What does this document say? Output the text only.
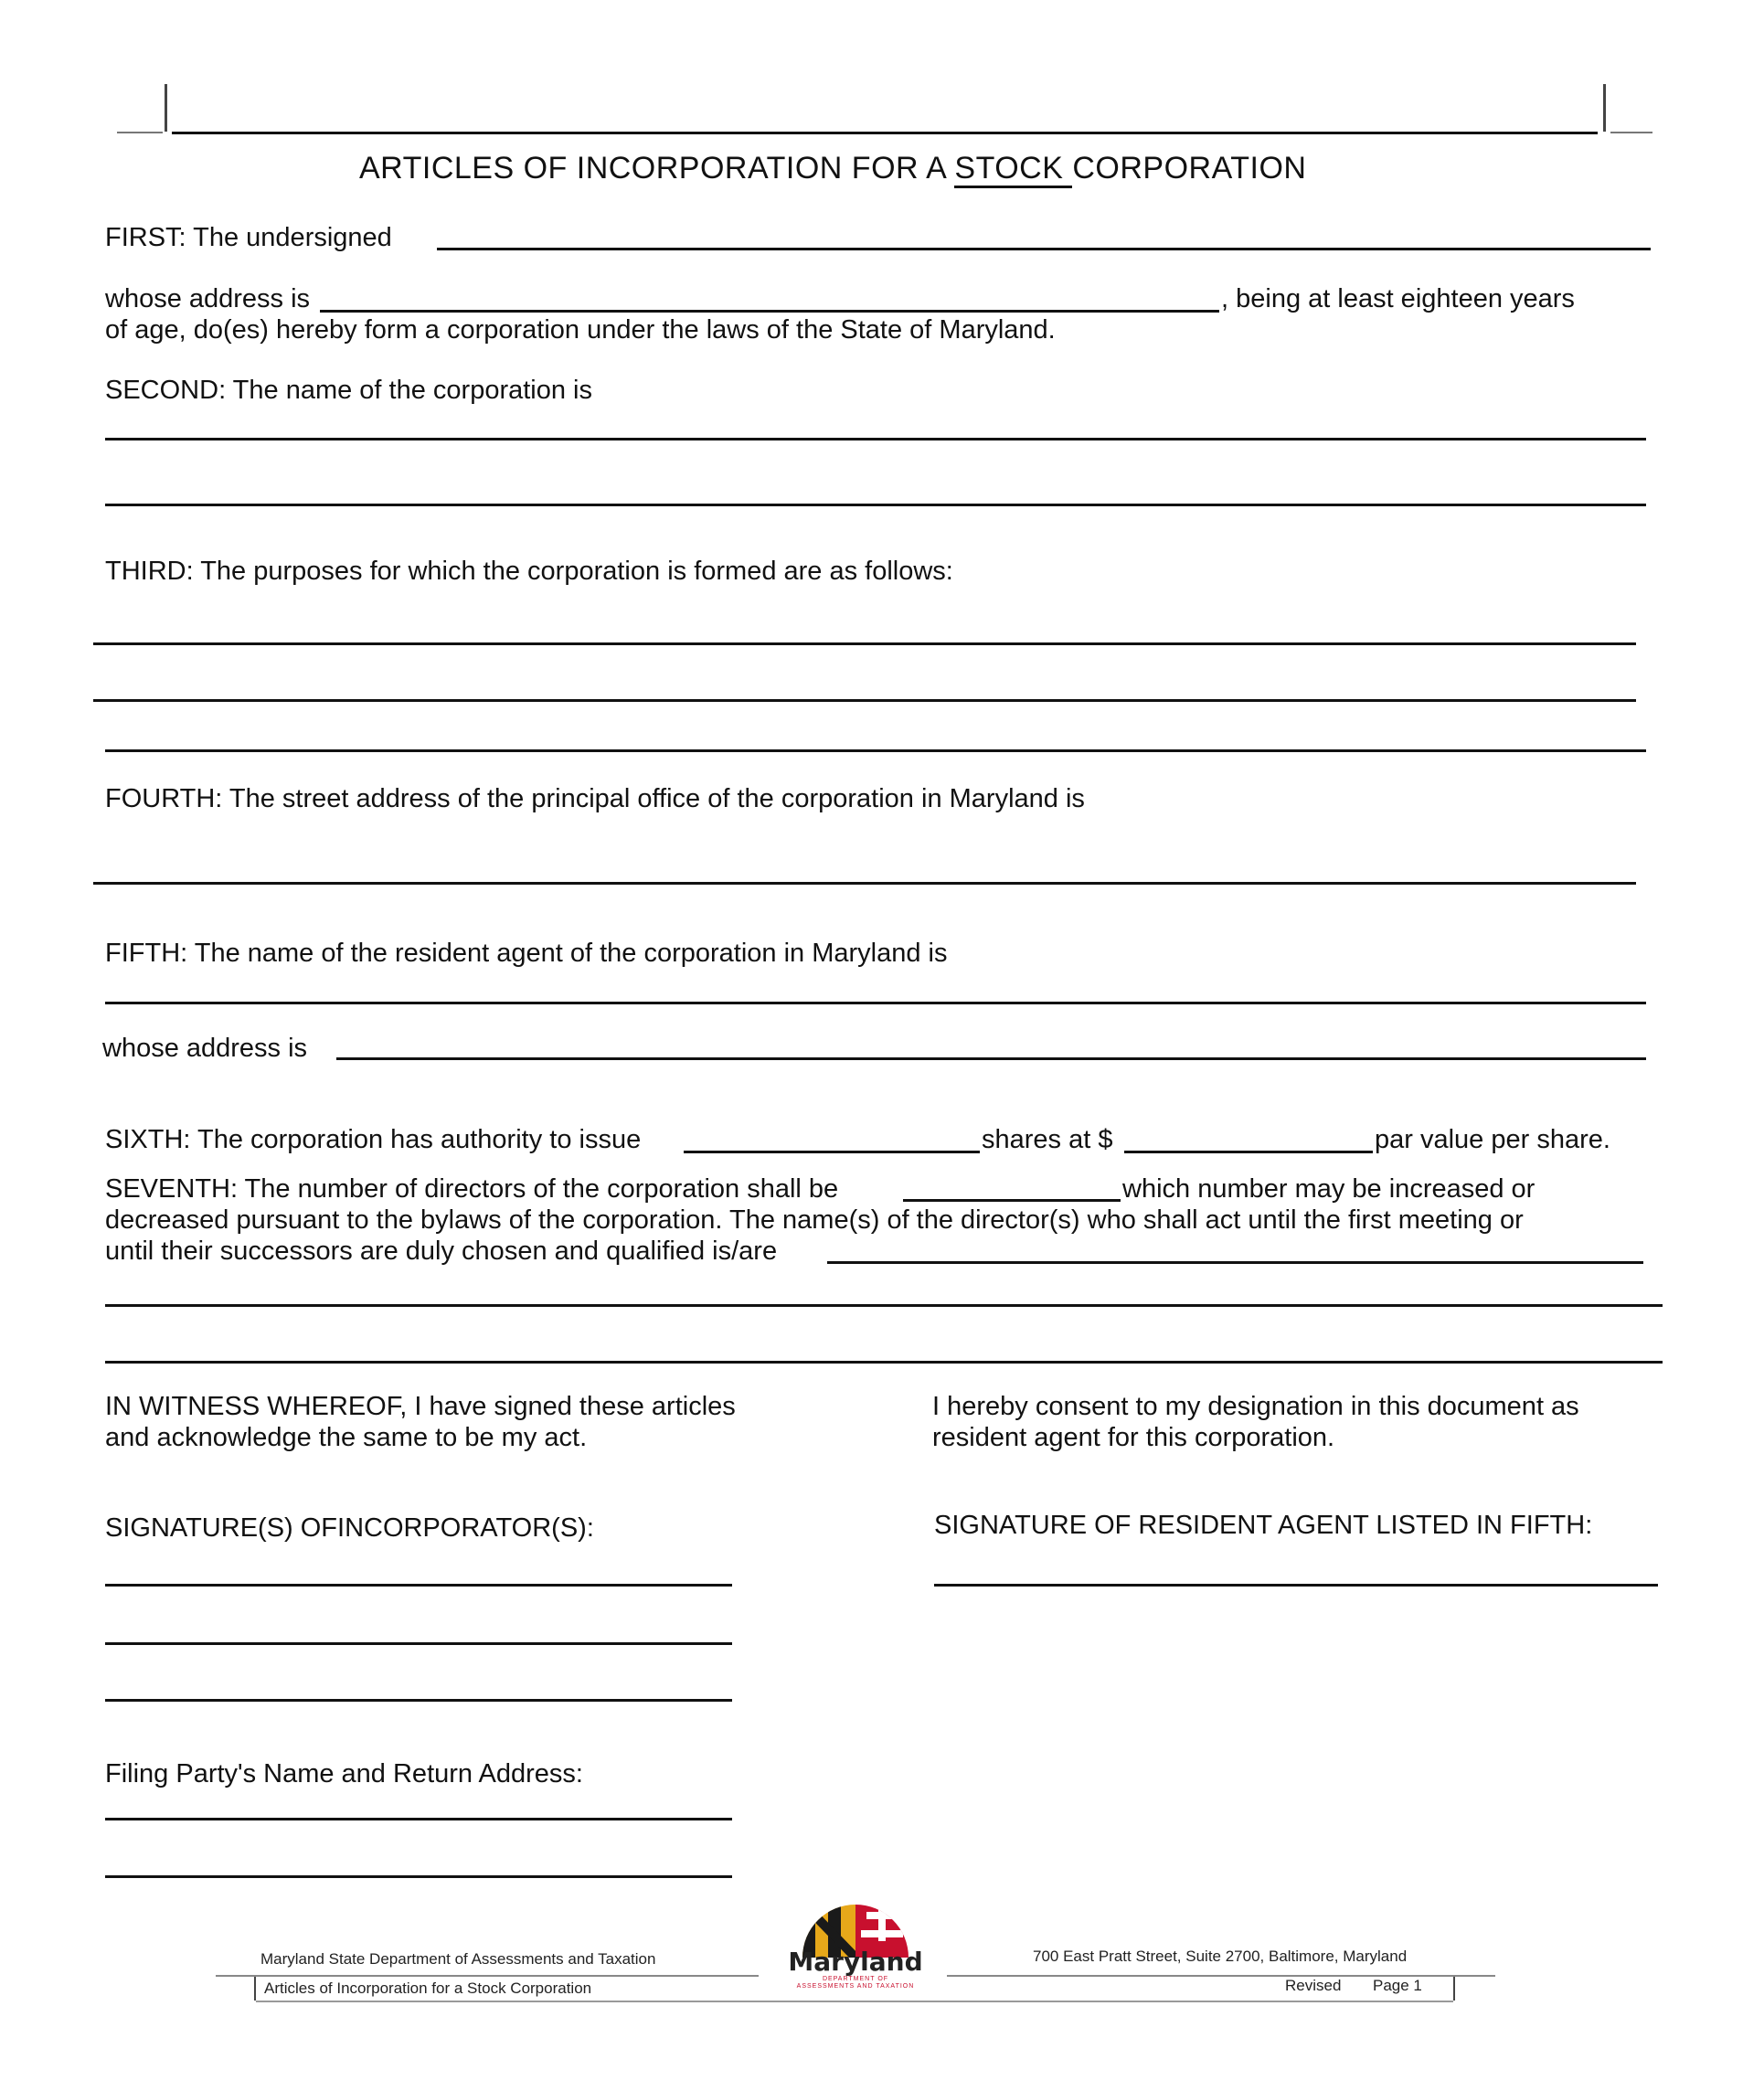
ARTICLES OF INCORPORATION FOR A STOCK CORPORATION
FIRST: The undersigned
whose address is	, being at least eighteen years
of age, do(es) hereby form a corporation under the laws of the State of Maryland.
SECOND: The name of the corporation is
THIRD: The purposes for which the corporation is formed are as follows:
FOURTH: The street address of the principal office of the corporation in Maryland is
FIFTH: The name of the resident agent of the corporation in Maryland is
whose address is
SIXTH: The corporation has authority to issue	shares at $	par value per share.
SEVENTH: The number of directors of the corporation shall be	which number may be increased or
decreased pursuant to the bylaws of the corporation. The name(s) of the director(s) who shall act until the first meeting or
until their successors are duly chosen and qualified is/are
IN WITNESS WHEREOF, I have signed these articles
and acknowledge the same to be my act.
I hereby consent to my designation in this document as
resident agent for this corporation.
SIGNATURE(S) OFINCORPORATOR(S):	SIGNATURE OF RESIDENT AGENT LISTED IN FIFTH:
Filing Party's Name and Return Address:
Maryland State Department of Assessments and Taxation	Maryland
DEPARTMENT OF
ASSESSMENTS AND TAXATION
700 East Pratt Street, Suite 2700, Baltimore, Maryland
Articles of Incorporation for a Stock Corporation	Revised Page 1
